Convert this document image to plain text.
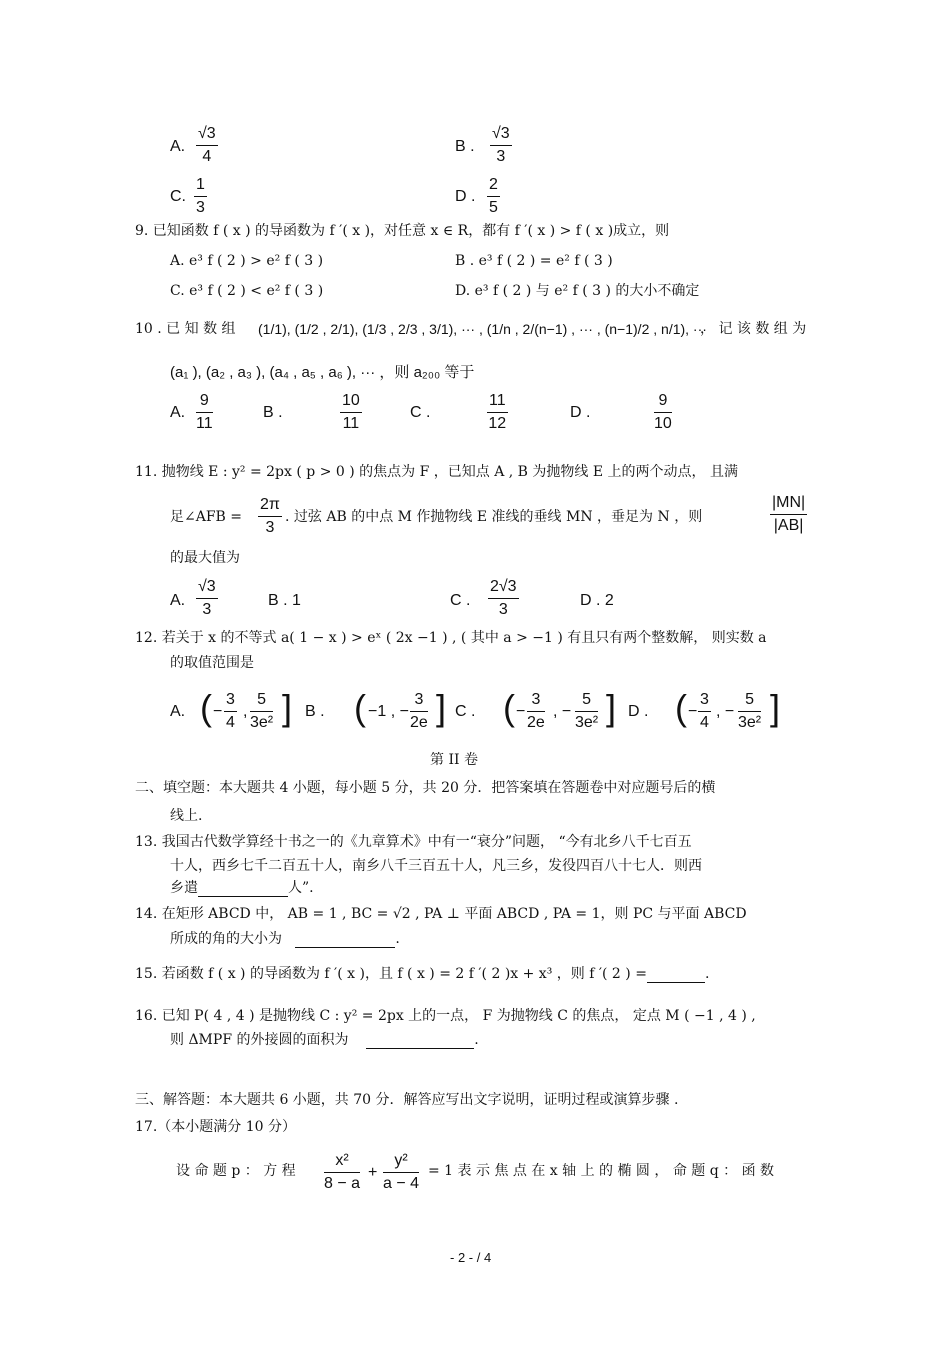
A. $\frac{√3}{4}$	B . $\frac{√3}{3}$
C. $\frac{1}{3}$	D . $\frac{2}{5}$
9. 已知函数 f ( x ) 的导函数为 f ′( x )，对任意 x ∈ R，都有 f ′( x ) > f ( x )成立，则
A. e³ f ( 2 ) > e² f ( 3 )	B . e³ f ( 2 ) = e² f ( 3 )
C. e³ f ( 2 ) < e² f ( 3 )	D. e³ f ( 2 ) 与 e² f ( 3 ) 的大小不确定
10 . 已 知 数 组 (1/1), (1/2 , 2/1), (1/3 , 2/3 , 3/1), ··· , (1/n , 2/(n−1) , ··· , (n−1)/2 , n/1), ···
， 记 该 数 组 为
(a₁ ), (a₂ , a₃ ), (a₄ , a₅ , a₆ ), ··· ，则 a₂₀₀ 等于
A. $\frac{9}{11}$	B .	$\frac{10}{11}$	C .	$\frac{11}{12}$	D .	$\frac{9}{10}$
11. 抛物线 E : y² = 2px ( p > 0 ) 的焦点为 F ，已知点 A , B 为抛物线 E 上的两个动点， 且满
足∠AFB = $\frac{2\pi}{3}$ . 过弦 AB 的中点 M 作抛物线 E 准线的垂线 MN ，垂足为 N ，则	$\frac{|MN|}{|AB|}$
的最大值为
A. $\frac{√3}{3}$	B . 1	C . $\frac{2√3}{3}$	D . 2
12. 若关于 x 的不等式 a( 1 − x ) > eˣ ( 2x −1 ) , ( 其中 a > −1 ) 有且只有两个整数解， 则实数 a
的取值范围是
A. ( − $\frac{3}{4}$ , $\frac{5}{\text{3e²}}$ ] B . ( −1 , − $\frac{3}{2e}$ ] C . ( − $\frac{3}{2e}$ , − $\frac{5}{\text{3e²}}$ ] D . ( − $\frac{3}{4}$ , − $\frac{5}{\text{3e²}}$ ]
第 II 卷
二、填空题：本大题共 4 小题，每小题 5 分，共 20 分．把答案填在答题卷中对应题号后的横
线上.
13. 我国古代数学算经十书之一的《九章算术》中有一“衰分”问题， “今有北乡八千七百五
十人，西乡七千二百五十人，南乡八千三百五十人，凡三乡，发役四百八十七人．则西
乡遣	人”.
14. 在矩形 ABCD 中， AB = 1 , BC = √2 , PA ⊥ 平面 ABCD , PA = 1，则 PC 与平面 ABCD
所成的角的大小为	.
15. 若函数 f ( x ) 的导函数为 f ′( x )，且 f ( x ) = 2 f ′( 2 )x + x³ ，则 f ′( 2 ) =	.
16. 已知 P( 4 , 4 ) 是抛物线 C : y² = 2px 上的一点， F 为抛物线 C 的焦点， 定点 M ( −1 , 4 ) ,
则 ΔMPF 的外接圆的面积为	.
三、解答题：本大题共 6 小题，共 70 分．解答应写出文字说明，证明过程或演算步骤 .
17.（本小题满分 10 分）
设 命 题 p ： 方 程 $\frac{\text{x²}}{8 - a} + \frac{\text{y²}}{a - 4} = 1$ 表 示 焦 点 在 x 轴 上 的 椭 圆 ， 命 题 q ： 函 数
- 2 - / 4
